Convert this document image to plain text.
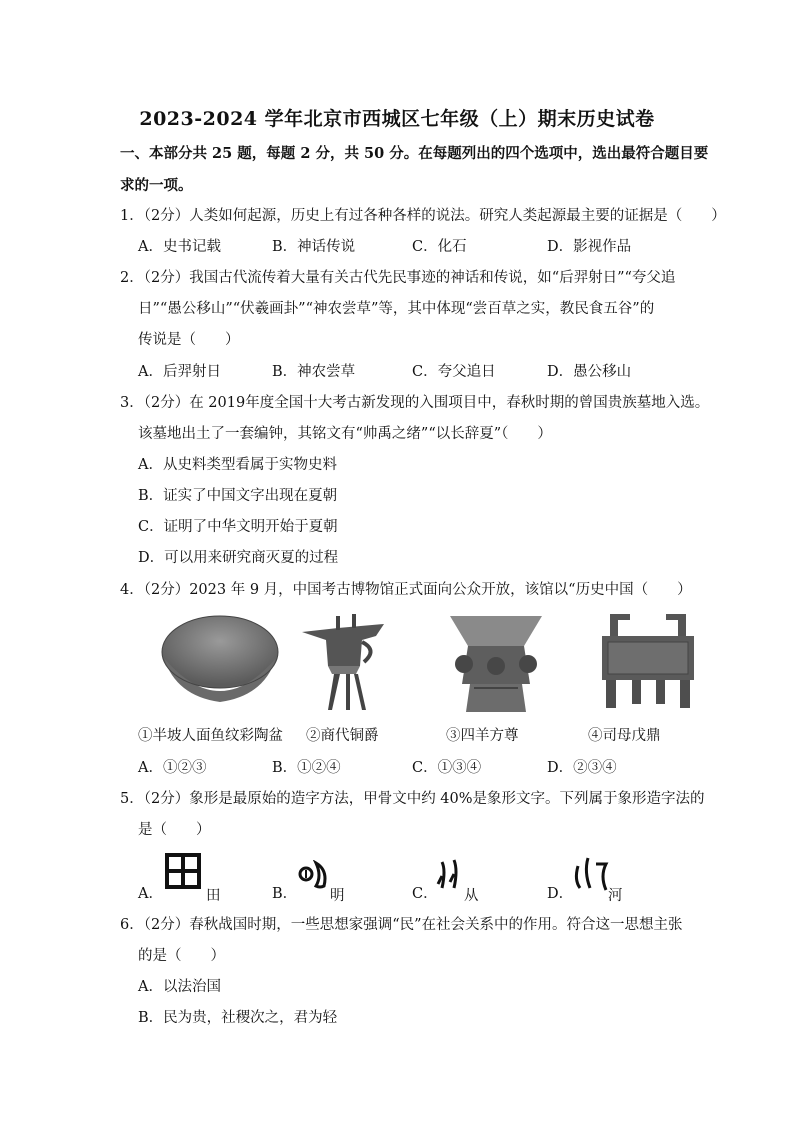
2023-2024 学年北京市西城区七年级（上）期末历史试卷
一、本部分共 25 题，每题 2 分，共 50 分。在每题列出的四个选项中，选出最符合题目要
求的一项。
1．（2分）人类如何起源，历史上有过各种各样的说法。研究人类起源最主要的证据是（　　）
A．史书记载	B．神话传说	C．化石	D．影视作品
2．（2分）我国古代流传着大量有关古代先民事迹的神话和传说，如“后羿射日”“夸父追
日”“愚公移山”“伏羲画卦”“神农尝草”等，其中体现“尝百草之实，教民食五谷”的
传说是（　　）
A．后羿射日	B．神农尝草	C．夸父追日	D．愚公移山
3．（2分）在 2019年度全国十大考古新发现的入围项目中，春秋时期的曾国贵族墓地入选。
该墓地出土了一套编钟，其铭文有“帅禹之绪”“以长辞夏”（　　）
A．从史料类型看属于实物史料
B．证实了中国文字出现在夏朝
C．证明了中华文明开始于夏朝
D．可以用来研究商灭夏的过程
4．（2分）2023 年 9 月，中国考古博物馆正式面向公众开放，该馆以“历史中国（　　）
①半坡人面鱼纹彩陶盆 ②商代铜爵	③四羊方尊	④司母戊鼎
A．①②③	B．①②④	C．①③④	D．②③④
5．（2分）象形是最原始的造字方法，甲骨文中约 40%是象形文字。下列属于象形造字法的
是（　　）
A．	田	B． 明	C． 从	D． 河
6．（2分）春秋战国时期，一些思想家强调“民”在社会关系中的作用。符合这一思想主张
的是（　　）
A．以法治国
B．民为贵，社稷次之，君为轻
